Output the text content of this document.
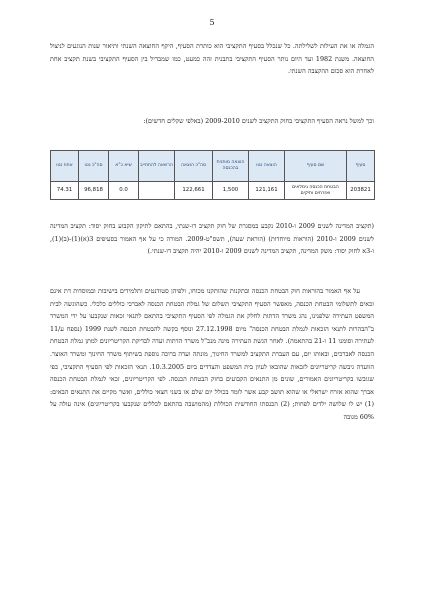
5

הגמלה או את העילות לשלילתה. כל שנכלל בסעיף התקציבי הוא כותרת הסעיף, היקף החוצאה השנתי ותיאור שנות הנוגעים לניצול החוצאה. משנת 1982 ועד היום נותר הסעיף התקציבי בתבנית זהה כמעט, כמו שמבדיל בין הסעיף התקציבי בשנת תקציב אחת לאחרת הוא סכום ההקצבה השנתי.

וכך למשל נראה הסעיף התקציבי בחוק התקציב לשנים 2009-2010 (באלפי שקלים חדשים):

סעיף	שם סעיף	הוצאה נטו	הוצאה מותנית בהכנסה	סה"כ הוצאה	הרשאה להתחייב	שיא כ"א	סה"כ נטו	אחוז נטו
203821	הבטחת הכנסה גימלאים ואזרחים ותיקים	121,161	1,500	122,661		0.0	96,818	74.31

(תקציב המדינה לשנים 2009 ו-2010 נקבע במסגרת של חוק תקציב דו-שנתי, בהתאם לתיקון הקבוע בחוק יסוד: תקציב המדינה לשנים 2009 ו-2010 (הוראות מיוחדות) (הוראת שעה), תשס"ט-2009. המורה כי על אף האמור בסעיפים 3(א)(1)-(ב)(1), ו-3א לחוק יסוד: משק המדינה, תקציב המדינה לשנים 2009 ו-2010 יהיה תקציב דו-שנתי.)

על אף האמור בהוראות חוק הבטחת הכנסה ובתקנות שהותקנו מכוחו, ולפיהן סטודנטים ותלמידים בישיבות ובמוסדות דת אינם זכאים לתשלומי הבטחת הכנסה, מאפשר הסעיף התקציבי תשלום של גמלת הבטחת הכנסה לאברכי כוללים כלכלי. כשהוגשה לבית המשפט העתירה שלפנינו, נהג משרד הדתות לחלק את הגמלה לפי הסעיף התקציבי בהתאם לתנאי זכאות שנקבעו על ידי המשרד ב"הבהרות לתנאי הזכאות לגמלת הבטחת הכנסה" מיום 27.12.1998 ונוסף בקשה להבטחת הכנסה לשנת 1999 (נספח ע/11 לעתירה וסומנו 11 ו-21 בהתאמה). לאחר הגשת העתירה מינה מנכ"ל משרד הדתות ועדה לבדיקת הקריטריונים למתן גמלת הבטחת הכנסה לאברכים, ובאותו יום, עם העברת התקציב למשרד החינוך, מונתה ועדה ברוכה נוספת בשיתוף משרד החינוך ומשרד האוצר. הוועדה גיבשה קריטריונים לזכאות שהובאו לעיון בית המשפט והצדדים ביום 10.3.2005. תנאי הזכאות לפי הסעיף התקציבי, כפי שגובשו בקריטריונים האמורים, שונים מן התנאים הקבועים בחוק הבטחת הכנסה. לפי הקריטריונים, זכאי לגמלת הבטחת הכנסה אברך שהוא אזרח ישראלי או שהוא תושב קבע אשר לומד בכולל יום שלם או בשני חצאי כוללים, ואשר מקיים את התנאים הבאים: (1) יש לו שלושה ילדים לפחות; (2) הכנסתו החודשית הכוללת (מהמושבה בהתאם לכללים שנקבעו בקריטריונים) אינה עולה על 60% מגובה
